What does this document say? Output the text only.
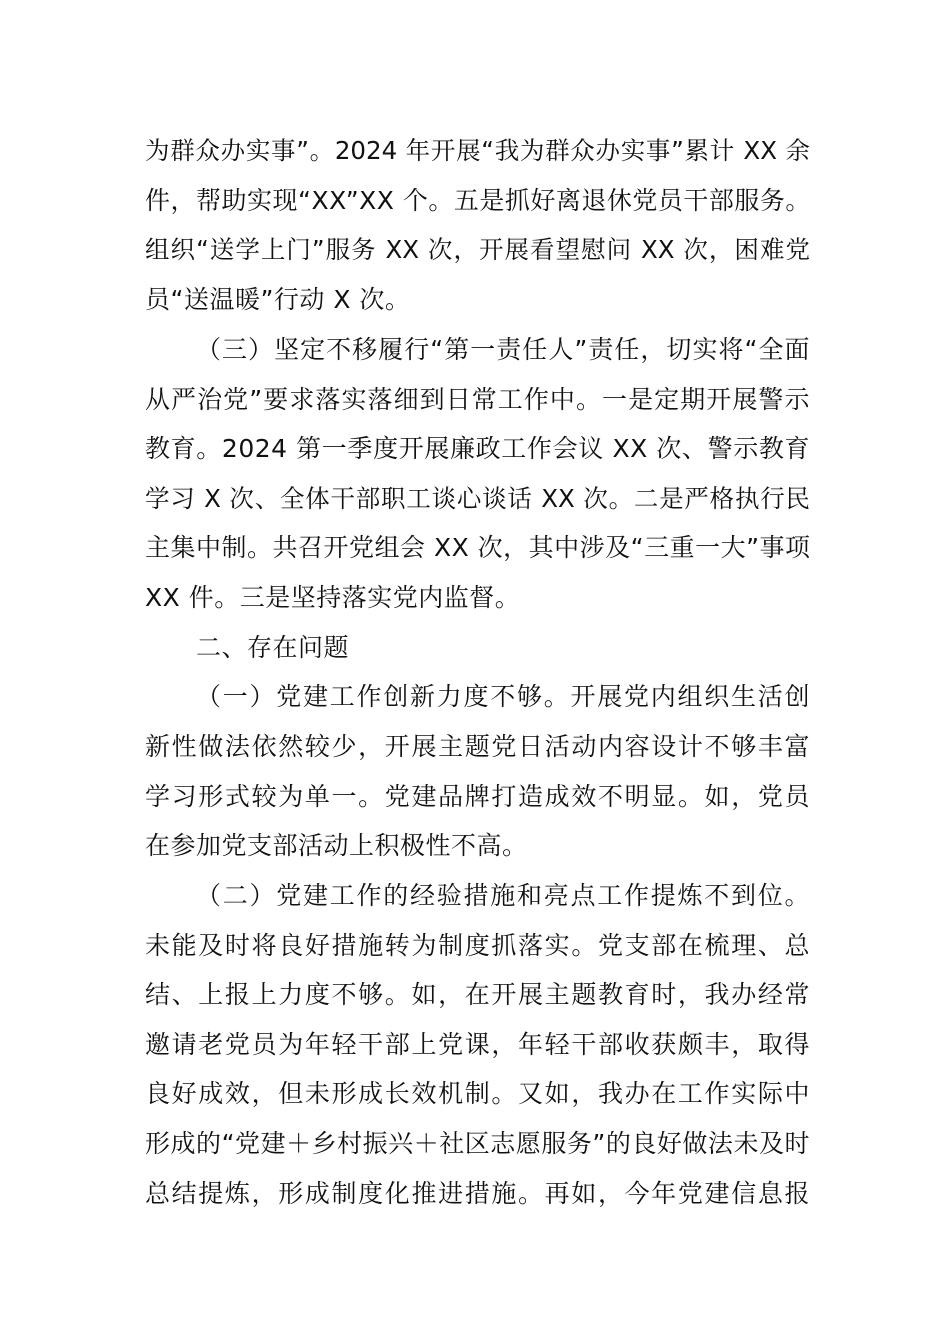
为群众办实事”。2024 年开展“我为群众办实事”累计 XX 余
件，帮助实现“XX”XX 个。五是抓好离退休党员干部服务。
组织“送学上门”服务 XX 次，开展看望慰问 XX 次，困难党
员“送温暖”行动 X 次。
（三）坚定不移履行“第一责任人”责任，切实将“全面
从严治党”要求落实落细到日常工作中。一是定期开展警示
教育。2024 第一季度开展廉政工作会议 XX 次、警示教育
学习 X 次、全体干部职工谈心谈话 XX 次。二是严格执行民
主集中制。共召开党组会 XX 次，其中涉及“三重一大”事项
XX 件。三是坚持落实党内监督。
二、存在问题
（一）党建工作创新力度不够。开展党内组织生活创
新性做法依然较少，开展主题党日活动内容设计不够丰富
学习形式较为单一。党建品牌打造成效不明显。如，党员
在参加党支部活动上积极性不高。
（二）党建工作的经验措施和亮点工作提炼不到位。
未能及时将良好措施转为制度抓落实。党支部在梳理、总
结、上报上力度不够。如，在开展主题教育时，我办经常
邀请老党员为年轻干部上党课，年轻干部收获颇丰，取得
良好成效，但未形成长效机制。又如，我办在工作实际中
形成的“党建＋乡村振兴＋社区志愿服务”的良好做法未及时
总结提炼，形成制度化推进措施。再如，今年党建信息报
